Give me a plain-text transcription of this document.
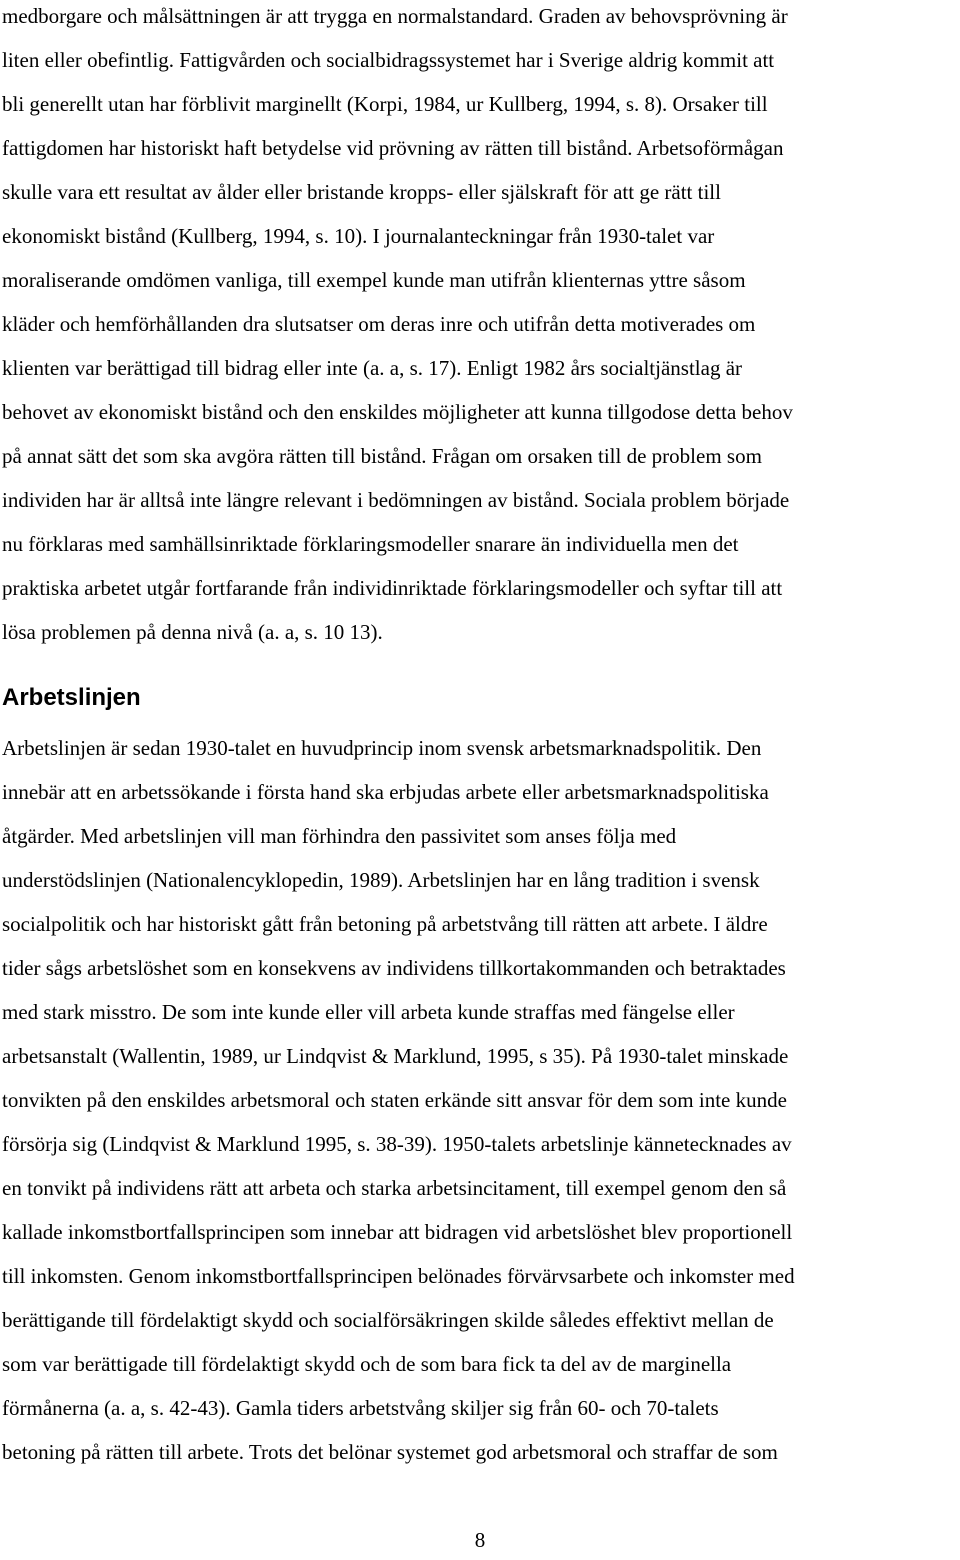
medborgare och målsättningen är att trygga en normalstandard. Graden av behovsprövning är
liten eller obefintlig. Fattigvården och socialbidragssystemet har i Sverige aldrig kommit att
bli generellt utan har förblivit marginellt (Korpi, 1984, ur Kullberg, 1994, s. 8). Orsaker till
fattigdomen har historiskt haft betydelse vid prövning av rätten till bistånd. Arbetsoförmågan
skulle vara ett resultat av ålder eller bristande kropps- eller själskraft för att ge rätt till
ekonomiskt bistånd (Kullberg, 1994, s. 10). I journalanteckningar från 1930-talet var
moraliserande omdömen vanliga, till exempel kunde man utifrån klienternas yttre såsom
kläder och hemförhållanden dra slutsatser om deras inre och utifrån detta motiverades om
klienten var berättigad till bidrag eller inte (a. a, s. 17). Enligt 1982 års socialtjänstlag är
behovet av ekonomiskt bistånd och den enskildes möjligheter att kunna tillgodose detta behov
på annat sätt det som ska avgöra rätten till bistånd. Frågan om orsaken till de problem som
individen har är alltså inte längre relevant i bedömningen av bistånd. Sociala problem började
nu förklaras med samhällsinriktade förklaringsmodeller snarare än individuella men det
praktiska arbetet utgår fortfarande från individinriktade förklaringsmodeller och syftar till att
lösa problemen på denna nivå (a. a, s. 10 13).

Arbetslinjen

Arbetslinjen är sedan 1930-talet en huvudprincip inom svensk arbetsmarknadspolitik. Den
innebär att en arbetssökande i första hand ska erbjudas arbete eller arbetsmarknadspolitiska
åtgärder. Med arbetslinjen vill man förhindra den passivitet som anses följa med
understödslinjen (Nationalencyklopedin, 1989). Arbetslinjen har en lång tradition i svensk
socialpolitik och har historiskt gått från betoning på arbetstvång till rätten att arbete. I äldre
tider sågs arbetslöshet som en konsekvens av individens tillkortakommanden och betraktades
med stark misstro. De som inte kunde eller vill arbeta kunde straffas med fängelse eller
arbetsanstalt (Wallentin, 1989, ur Lindqvist & Marklund, 1995, s 35). På 1930-talet minskade
tonvikten på den enskildes arbetsmoral och staten erkände sitt ansvar för dem som inte kunde
försörja sig (Lindqvist & Marklund 1995, s. 38-39). 1950-talets arbetslinje kännetecknades av
en tonvikt på individens rätt att arbeta och starka arbetsincitament, till exempel genom den så
kallade inkomstbortfallsprincipen som innebar att bidragen vid arbetslöshet blev proportionell
till inkomsten. Genom inkomstbortfallsprincipen belönades förvärvsarbete och inkomster med
berättigande till fördelaktigt skydd och socialförsäkringen skilde således effektivt mellan de
som var berättigade till fördelaktigt skydd och de som bara fick ta del av de marginella
förmånerna (a. a, s. 42-43). Gamla tiders arbetstvång skiljer sig från 60- och 70-talets
betoning på rätten till arbete. Trots det belönar systemet god arbetsmoral och straffar de som

8
